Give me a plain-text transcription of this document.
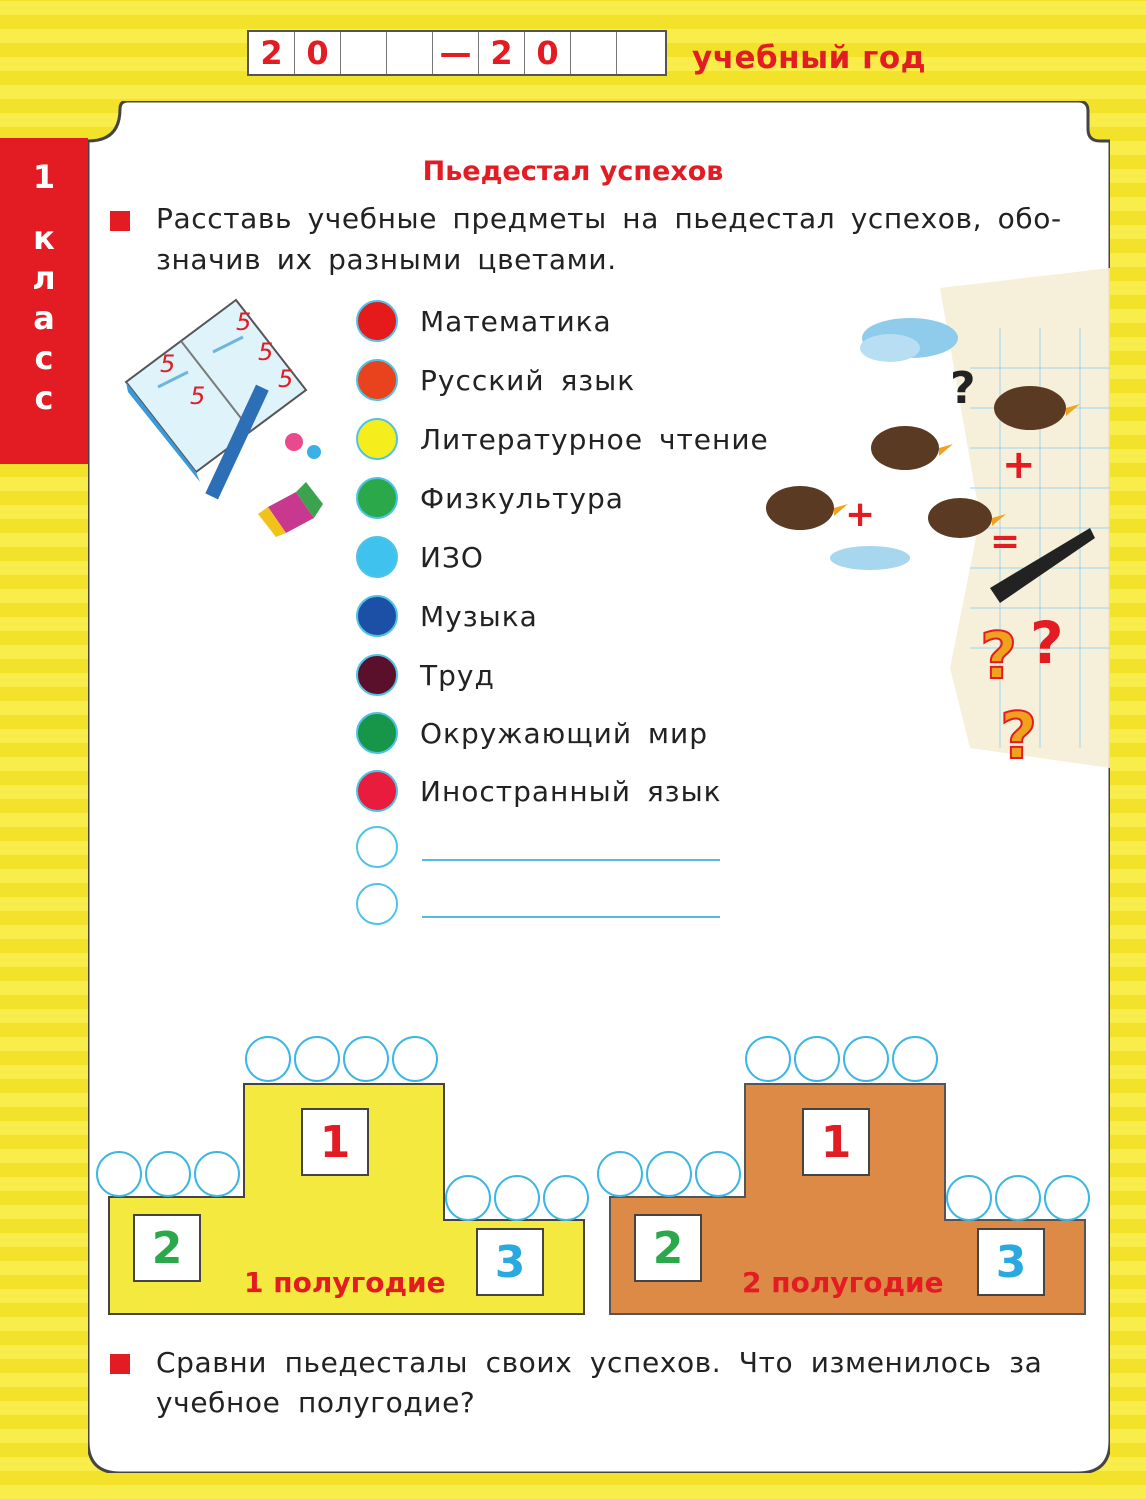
2 0	— 2 0	учебный год
1
к
л
а
с
с
Пьедестал успехов
Расставь учебные предметы на пьедестал успехов, обо-
значив их разными цветами.
5
5
5
5
5
Математика
Русский язык
Литературное чтение
Физкультура
ИЗО
Музыка
Труд
Окружающий мир
Иностранный язык
+
+
=
?
? ?
?
1
2	3
1 полугодие
1
2	3
2 полугодие
Сравни пьедесталы своих успехов. Что изменилось за
учебное полугодие?
